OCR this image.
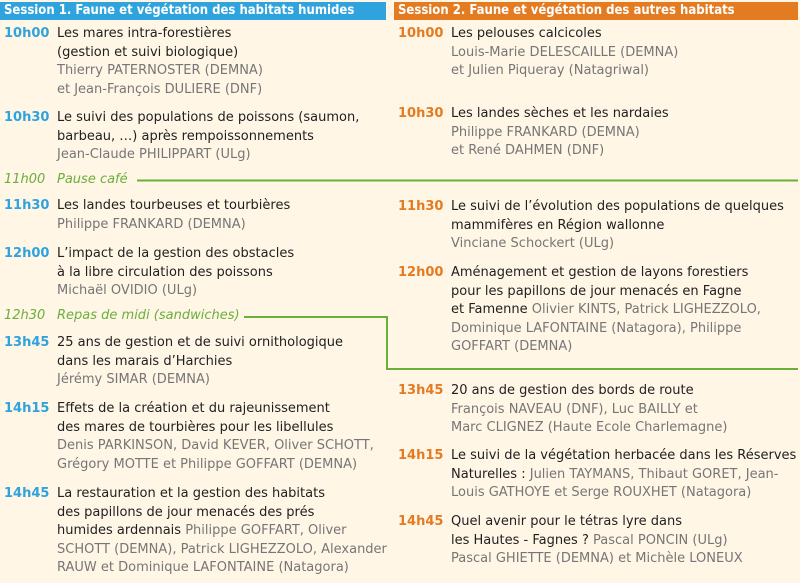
Session 1. Faune et végétation des habitats humides	Session 2. Faune et végétation des autres habitats
11h00 Pause café
12h30 Repas de midi (sandwiches)
10h00 Les mares intra-forestières
(gestion et suivi biologique)
Thierry PATERNOSTER (DEMNA)
et Jean-François DULIERE (DNF)
10h30 Le suivi des populations de poissons (saumon,
barbeau, …) après rempoissonnements
Jean-Claude PHILIPPART (ULg)
11h30 Les landes tourbeuses et tourbières
Philippe FRANKARD (DEMNA)
12h00 L’impact de la gestion des obstacles
à la libre circulation des poissons
Michaël OVIDIO (ULg)
13h45 25 ans de gestion et de suivi ornithologique
dans les marais d’Harchies
Jérémy SIMAR (DEMNA)
14h15 Effets de la création et du rajeunissement
des mares de tourbières pour les libellules
Denis PARKINSON, David KEVER, Oliver SCHOTT,
Grégory MOTTE et Philippe GOFFART (DEMNA)
14h45 La restauration et la gestion des habitats
des papillons de jour menacés des prés
humides ardennais Philippe GOFFART, Oliver
SCHOTT (DEMNA), Patrick LIGHEZZOLO, Alexander
RAUW et Dominique LAFONTAINE (Natagora)
10h00 Les pelouses calcicoles
Louis-Marie DELESCAILLE (DEMNA)
et Julien Piqueray (Natagriwal)
10h30 Les landes sèches et les nardaies
Philippe FRANKARD (DEMNA)
et René DAHMEN (DNF)
11h30 Le suivi de l’évolution des populations de quelques
mammifères en Région wallonne
Vinciane Schockert (ULg)
12h00 Aménagement et gestion de layons forestiers
pour les papillons de jour menacés en Fagne
et Famenne Olivier KINTS, Patrick LIGHEZZOLO,
Dominique LAFONTAINE (Natagora), Philippe
GOFFART (DEMNA)
13h45 20 ans de gestion des bords de route
François NAVEAU (DNF), Luc BAILLY et
Marc CLIGNEZ (Haute Ecole Charlemagne)
14h15 Le suivi de la végétation herbacée dans les Réserves
Naturelles : Julien TAYMANS, Thibaut GORET, Jean-
Louis GATHOYE et Serge ROUXHET (Natagora)
14h45 Quel avenir pour le tétras lyre dans
les Hautes - Fagnes ? Pascal PONCIN (ULg)
Pascal GHIETTE (DEMNA) et Michèle LONEUX
